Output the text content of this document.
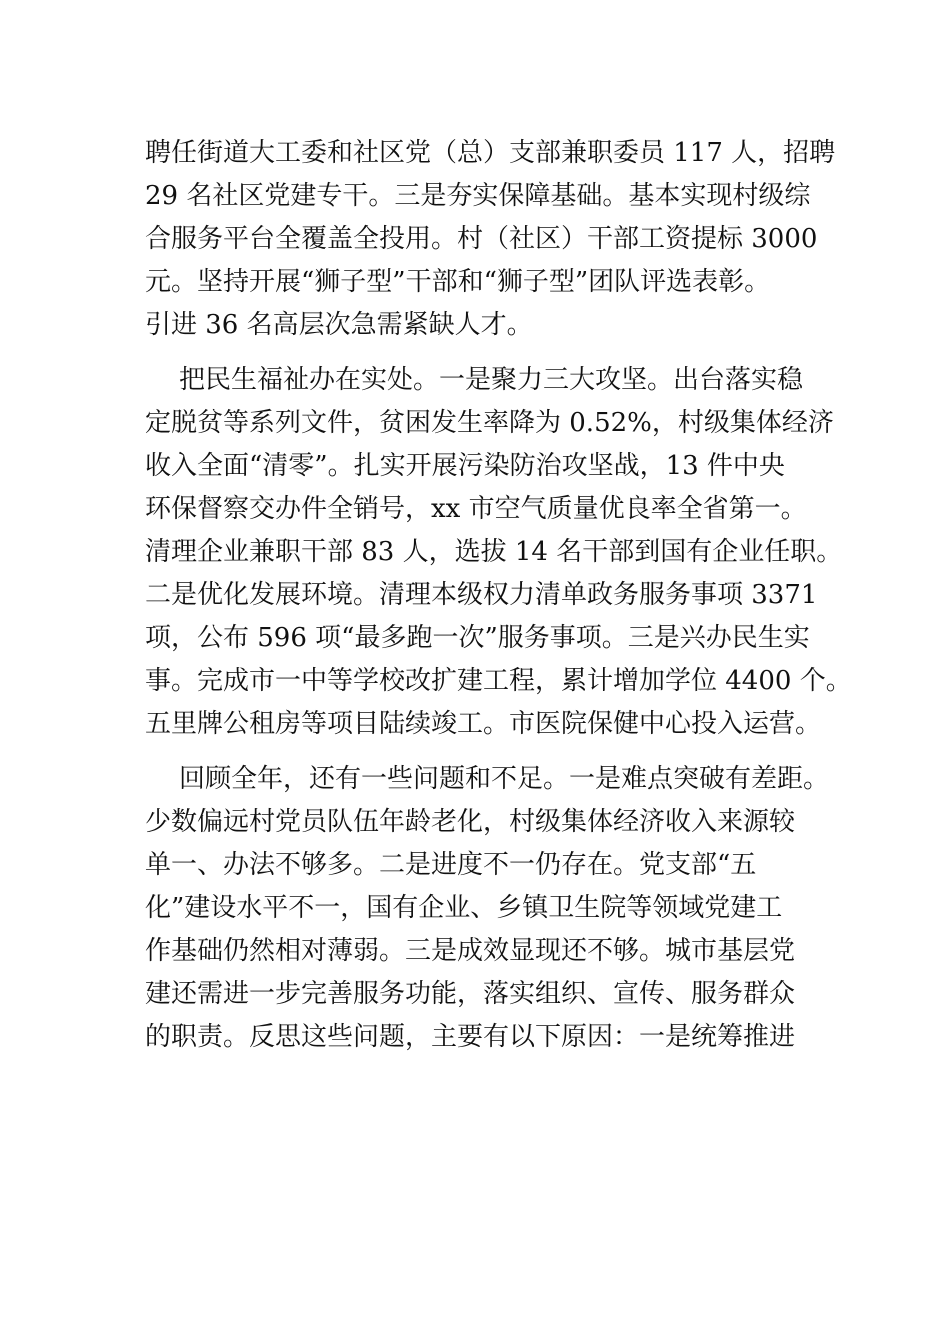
聘任街道大工委和社区党（总）支部兼职委员 117 人，招聘
29 名社区党建专干。三是夯实保障基础。基本实现村级综
合服务平台全覆盖全投用。村（社区）干部工资提标 3000
元。坚持开展“狮子型”干部和“狮子型”团队评选表彰。
引进 36 名高层次急需紧缺人才。
把民生福祉办在实处。一是聚力三大攻坚。出台落实稳
定脱贫等系列文件，贫困发生率降为 0.52%，村级集体经济
收入全面“清零”。扎实开展污染防治攻坚战，13 件中央
环保督察交办件全销号，xx 市空气质量优良率全省第一。
清理企业兼职干部 83 人，选拔 14 名干部到国有企业任职。
二是优化发展环境。清理本级权力清单政务服务事项 3371
项，公布 596 项“最多跑一次”服务事项。三是兴办民生实
事。完成市一中等学校改扩建工程，累计增加学位 4400 个。
五里牌公租房等项目陆续竣工。市医院保健中心投入运营。
回顾全年，还有一些问题和不足。一是难点突破有差距。
少数偏远村党员队伍年龄老化，村级集体经济收入来源较
单一、办法不够多。二是进度不一仍存在。党支部“五
化”建设水平不一，国有企业、乡镇卫生院等领域党建工
作基础仍然相对薄弱。三是成效显现还不够。城市基层党
建还需进一步完善服务功能，落实组织、宣传、服务群众
的职责。反思这些问题，主要有以下原因：一是统筹推进
